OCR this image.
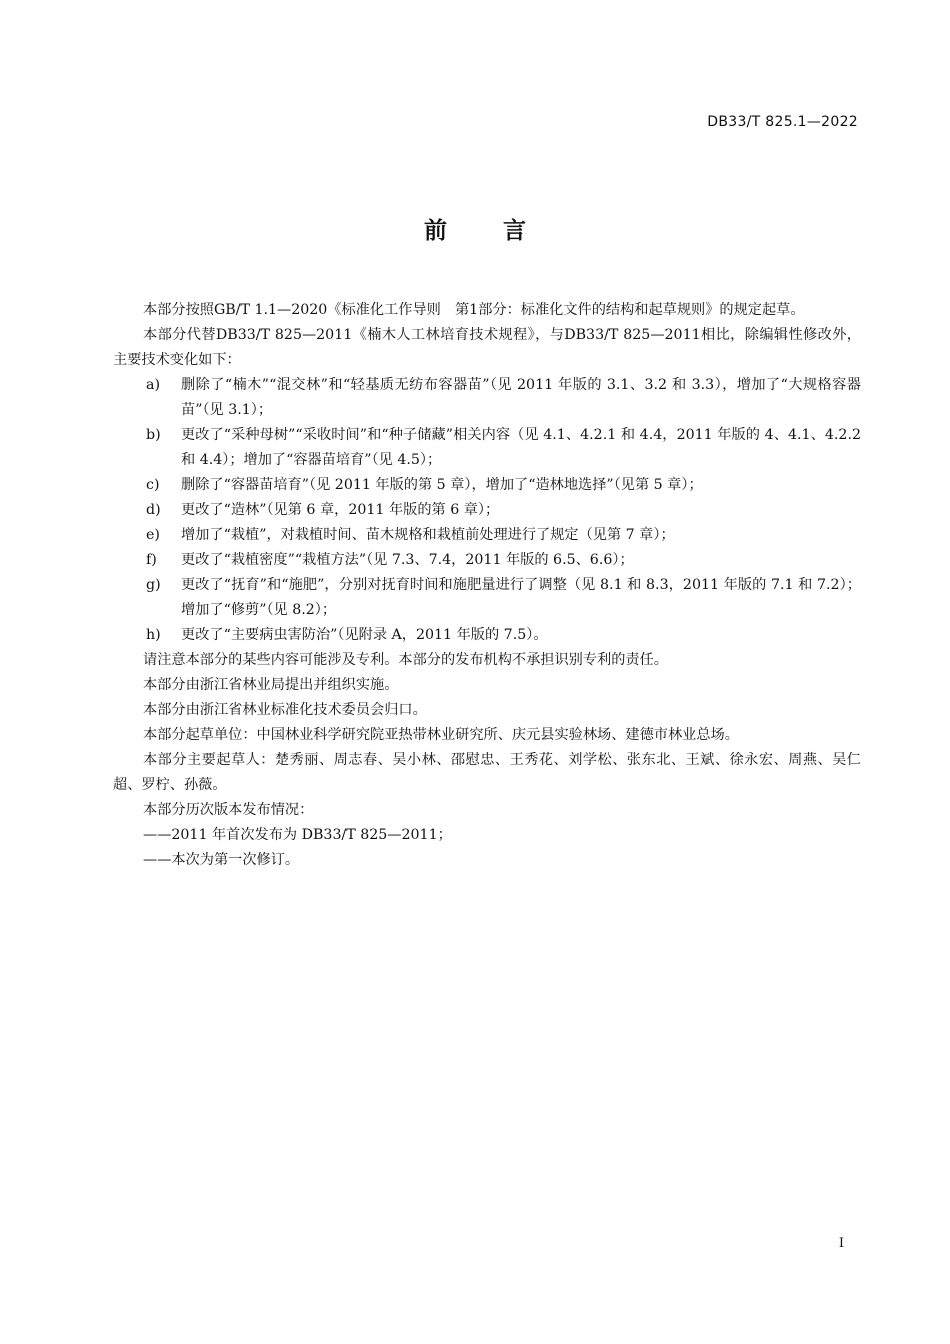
DB33/T 825.1—2022
前 言

本部分按照GB/T 1.1—2020《标准化工作导则　第1部分：标准化文件的结构和起草规则》的规定起草。

本部分代替DB33/T 825—2011《楠木人工林培育技术规程》，与DB33/T 825—2011相比，除编辑性修改外，主要技术变化如下：

a)	删除了“楠木”“混交林”和“轻基质无纺布容器苗”（见 2011 年版的 3.1、3.2 和 3.3），增加了“大规格容器苗”（见 3.1）；
b)	更改了“采种母树”“采收时间”和“种子储藏”相关内容（见 4.1、4.2.1 和 4.4，2011 年版的 4、4.1、4.2.2 和 4.4）；增加了“容器苗培育”（见 4.5）；
c)	删除了“容器苗培育”（见 2011 年版的第 5 章），增加了“造林地选择”（见第 5 章）；
d)	更改了“造林”（见第 6 章，2011 年版的第 6 章）；
e)	增加了“栽植”，对栽植时间、苗木规格和栽植前处理进行了规定（见第 7 章）；
f)	更改了“栽植密度”“栽植方法”（见 7.3、7.4，2011 年版的 6.5、6.6）；
g)	更改了“抚育”和“施肥”，分别对抚育时间和施肥量进行了调整（见 8.1 和 8.3，2011 年版的 7.1 和 7.2）；增加了“修剪”（见 8.2）；
h)	更改了“主要病虫害防治”（见附录 A，2011 年版的 7.5）。

请注意本部分的某些内容可能涉及专利。本部分的发布机构不承担识别专利的责任。

本部分由浙江省林业局提出并组织实施。

本部分由浙江省林业标准化技术委员会归口。

本部分起草单位：中国林业科学研究院亚热带林业研究所、庆元县实验林场、建德市林业总场。

本部分主要起草人：楚秀丽、周志春、吴小林、邵慰忠、王秀花、刘学松、张东北、王斌、徐永宏、周燕、吴仁超、罗柠、孙薇。

本部分历次版本发布情况：

——2011 年首次发布为 DB33/T 825—2011；

——本次为第一次修订。

I
